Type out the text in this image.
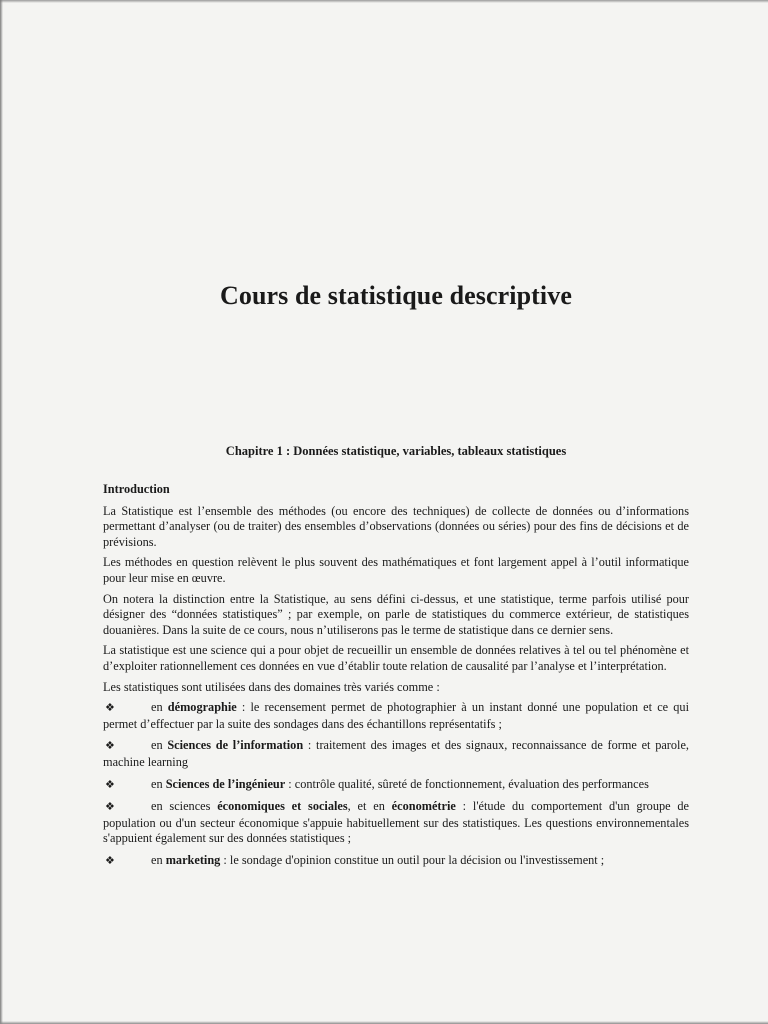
Cours de statistique descriptive
Chapitre 1 : Données statistique, variables, tableaux statistiques

Introduction

La Statistique est l’ensemble des méthodes (ou encore des techniques) de collecte de données ou d’informations permettant d’analyser (ou de traiter) des ensembles d’observations (données ou séries) pour des fins de décisions et de prévisions.

Les méthodes en question relèvent le plus souvent des mathématiques et font largement appel à l’outil informatique pour leur mise en œuvre.

On notera la distinction entre la Statistique, au sens défini ci-dessus, et une statistique, terme parfois utilisé pour désigner des “données statistiques” ; par exemple, on parle de statistiques du commerce extérieur, de statistiques douanières. Dans la suite de ce cours, nous n’utiliserons pas le terme de statistique dans ce dernier sens.

La statistique est une science qui a pour objet de recueillir un ensemble de données relatives à tel ou tel phénomène et d’exploiter rationnellement ces données en vue d’établir toute relation de causalité par l’analyse et l’interprétation.

Les statistiques sont utilisées dans des domaines très variés comme :

❖	en démographie : le recensement permet de photographier à un instant donné une population et ce qui permet d’effectuer par la suite des sondages dans des échantillons représentatifs ;
❖	en Sciences de l’information : traitement des images et des signaux, reconnaissance de forme et parole, machine learning
❖	en Sciences de l’ingénieur : contrôle qualité, sûreté de fonctionnement, évaluation des performances
❖	en sciences économiques et sociales, et en économétrie : l'étude du comportement d'un groupe de population ou d'un secteur économique s'appuie habituellement sur des statistiques. Les questions environnementales s'appuient également sur des données statistiques ;
❖	en marketing : le sondage d'opinion constitue un outil pour la décision ou l'investissement ;
